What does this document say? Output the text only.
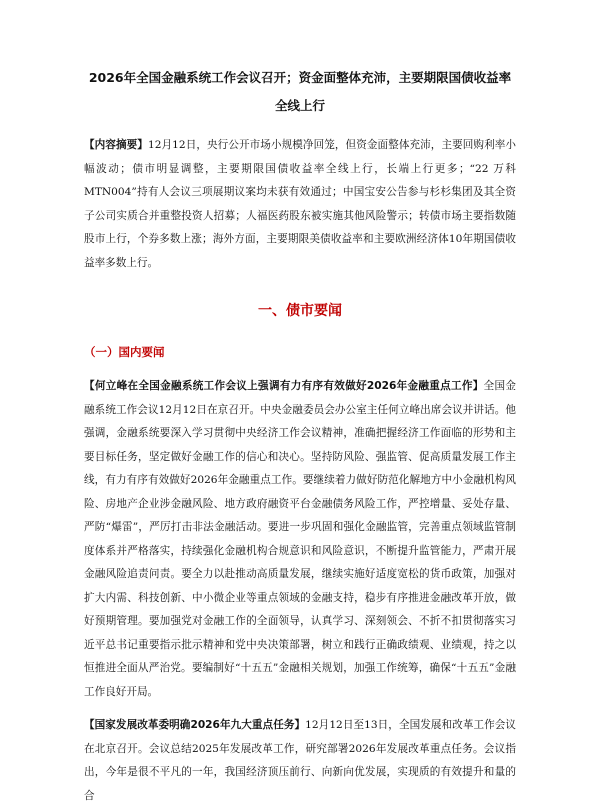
2026年全国金融系统工作会议召开；资金面整体充沛，主要期限国债收益率全线上行

【内容摘要】12月12日，央行公开市场小规模净回笼，但资金面整体充沛，主要回购利率小幅波动；债市明显调整，主要期限国债收益率全线上行，长端上行更多；“22 万科 MTN004”持有人会议三项展期议案均未获有效通过；中国宝安公告参与杉杉集团及其全资子公司实质合并重整投资人招募；人福医药股东被实施其他风险警示；转债市场主要指数随股市上行，个券多数上涨；海外方面，主要期限美债收益率和主要欧洲经济体10年期国债收益率多数上行。

一、债市要闻
（一）国内要闻

【何立峰在全国金融系统工作会议上强调有力有序有效做好2026年金融重点工作】全国金融系统工作会议12月12日在京召开。中央金融委员会办公室主任何立峰出席会议并讲话。他强调，金融系统要深入学习贯彻中央经济工作会议精神，准确把握经济工作面临的形势和主要目标任务，坚定做好金融工作的信心和决心。坚持防风险、强监管、促高质量发展工作主线，有力有序有效做好2026年金融重点工作。要继续着力做好防范化解地方中小金融机构风险、房地产企业涉金融风险、地方政府融资平台金融债务风险工作，严控增量、妥处存量、严防“爆雷”，严厉打击非法金融活动。要进一步巩固和强化金融监管，完善重点领域监管制度体系并严格落实，持续强化金融机构合规意识和风险意识，不断提升监管能力，严肃开展金融风险追责问责。要全力以赴推动高质量发展，继续实施好适度宽松的货币政策，加强对扩大内需、科技创新、中小微企业等重点领域的金融支持，稳步有序推进金融改革开放，做好预期管理。要加强党对金融工作的全面领导，认真学习、深刻领会、不折不扣贯彻落实习近平总书记重要指示批示精神和党中央决策部署，树立和践行正确政绩观、业绩观，持之以恒推进全面从严治党。要编制好“十五五”金融相关规划，加强工作统筹，确保“十五五”金融工作良好开局。

【国家发展改革委明确2026年九大重点任务】12月12日至13日，全国发展和改革工作会议在北京召开。会议总结2025年发展改革工作，研究部署2026年发展改革重点任务。会议指出，今年是很不平凡的一年，我国经济顶压前行、向新向优发展，实现质的有效提升和量的合
